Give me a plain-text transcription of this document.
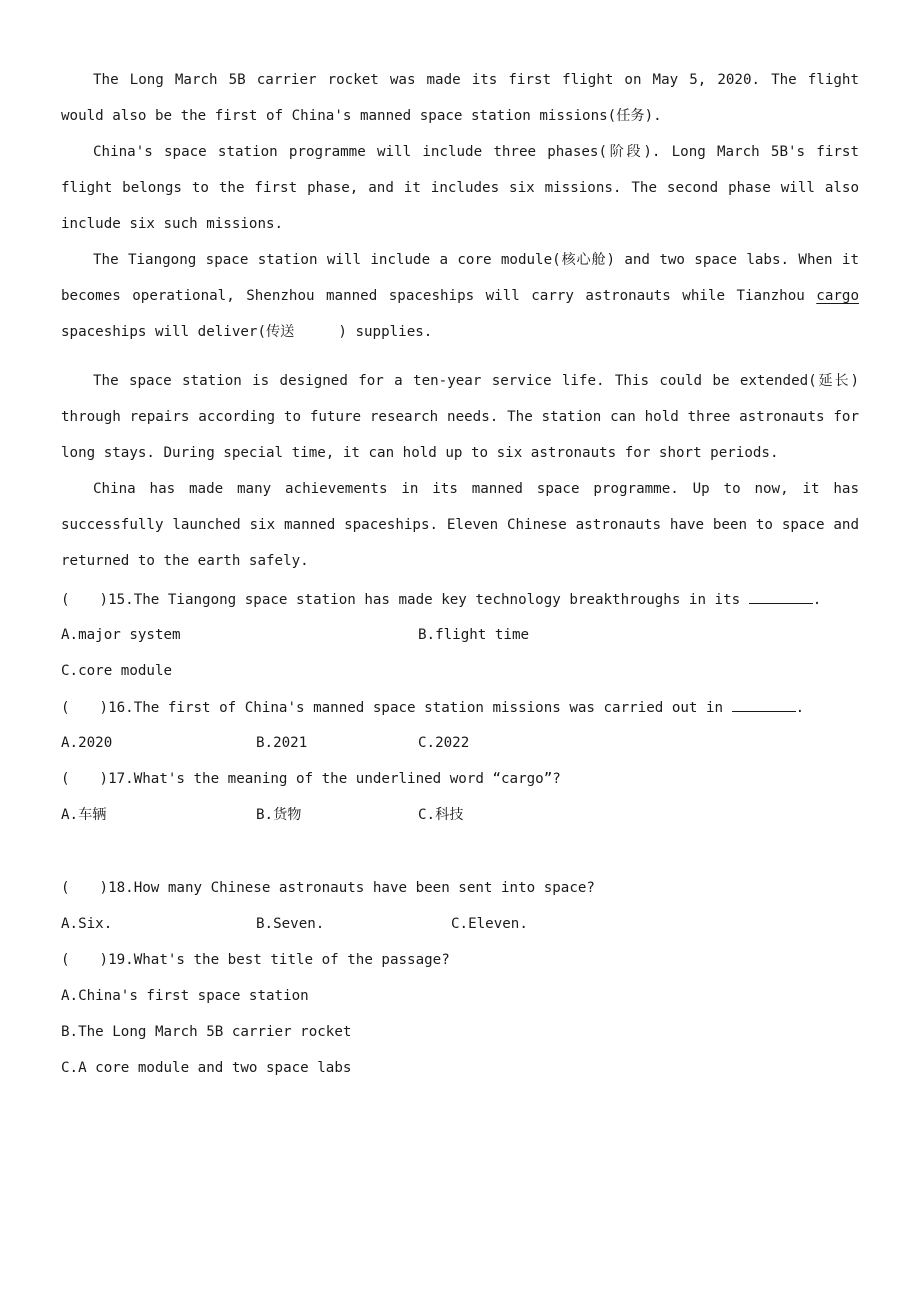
The Long March 5B carrier rocket was made its first flight on May 5, 2020. The flight would also be the first of China's manned space station missions(任务).

China's space station programme will include three phases(阶段). Long March 5B's first flight belongs to the first phase, and it includes six missions. The second phase will also include six such missions.

The Tiangong space station will include a core module(核心舱) and two space labs. When it becomes operational, Shenzhou manned spaceships will carry astronauts while Tianzhou cargo spaceships will deliver(传送	) supplies.

The space station is designed for a ten-year service life. This could be extended(延长) through repairs according to future research needs. The station can hold three astronauts for long stays. During special time, it can hold up to six astronauts for short periods.

China has made many achievements in its manned space programme. Up to now, it has successfully launched six manned spaceships. Eleven Chinese astronauts have been to space and returned to the earth safely.

( )15.The Tiangong space station has made key technology breakthroughs in its	.
A.major system	B.flight time
C.core module
( )16.The first of China's manned space station missions was carried out in	.
A.2020	B.2021	C.2022
( )17.What's the meaning of the underlined word “cargo”?
A.车辆	B.货物	C.科技
( )18.How many Chinese astronauts have been sent into space?
A.Six.	B.Seven.	C.Eleven.
( )19.What's the best title of the passage?
A.China's first space station
B.The Long March 5B carrier rocket
C.A core module and two space labs
